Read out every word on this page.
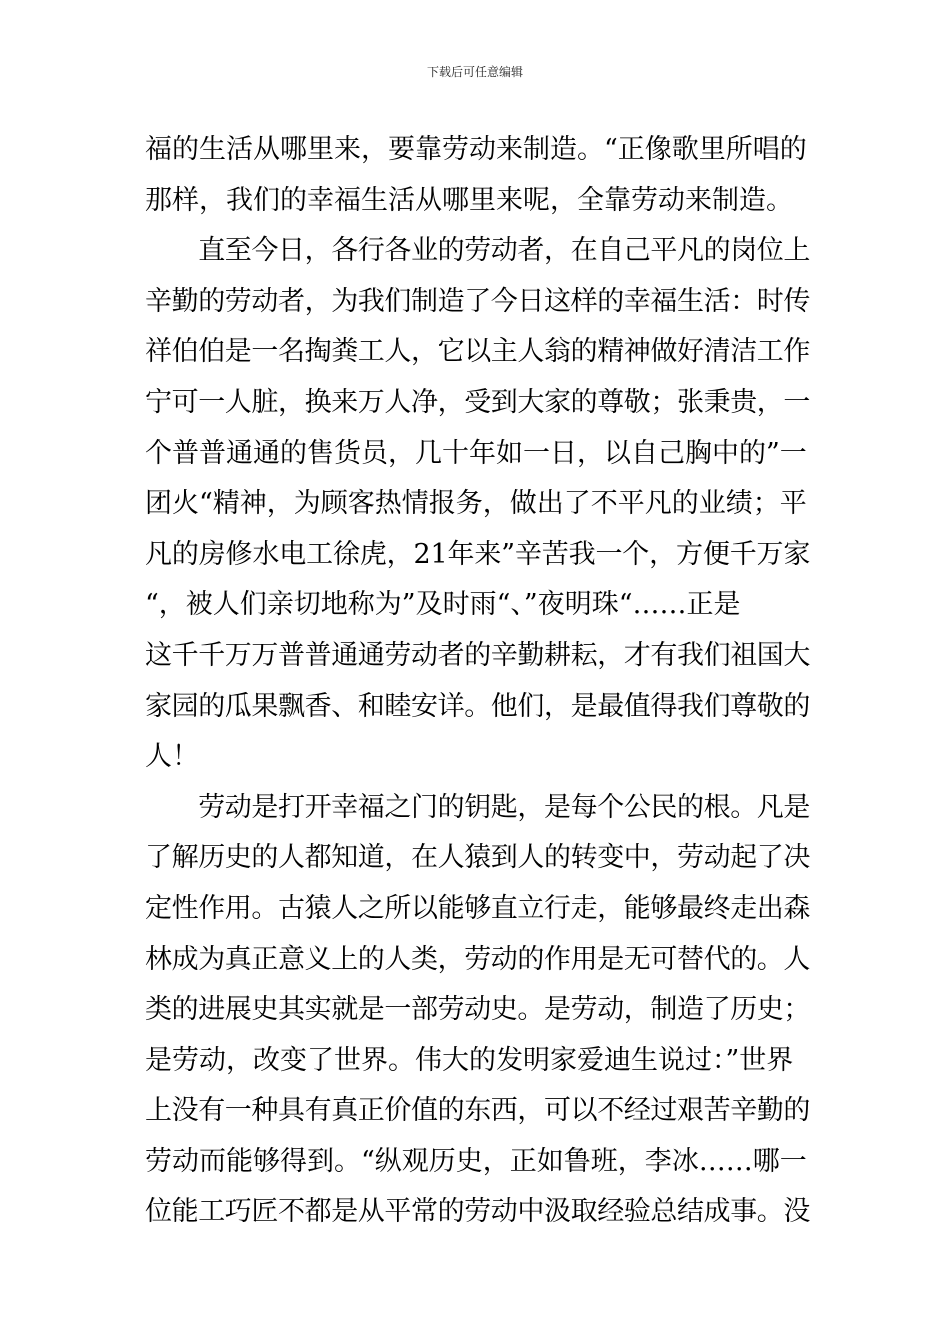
下载后可任意编辑
福的生活从哪里来，要靠劳动来制造。“正像歌里所唱的
那样，我们的幸福生活从哪里来呢，全靠劳动来制造。
　　直至今日，各行各业的劳动者，在自己平凡的岗位上
辛勤的劳动者，为我们制造了今日这样的幸福生活：时传
祥伯伯是一名掏粪工人，它以主人翁的精神做好清洁工作
宁可一人脏，换来万人净，受到大家的尊敬；张秉贵，一
个普普通通的售货员，几十年如一日，以自己胸中的”一
团火“精神，为顾客热情报务，做出了不平凡的业绩；平
凡的房修水电工徐虎，21年来”辛苦我一个，方便千万家
“，被人们亲切地称为”及时雨“、”夜明珠“……正是
这千千万万普普通通劳动者的辛勤耕耘，才有我们祖国大
家园的瓜果飘香、和睦安详。他们，是最值得我们尊敬的
人！
　　劳动是打开幸福之门的钥匙，是每个公民的根。凡是
了解历史的人都知道，在人猿到人的转变中，劳动起了决
定性作用。古猿人之所以能够直立行走，能够最终走出森
林成为真正意义上的人类，劳动的作用是无可替代的。人
类的进展史其实就是一部劳动史。是劳动，制造了历史；
是劳动，改变了世界。伟大的发明家爱迪生说过：”世界
上没有一种具有真正价值的东西，可以不经过艰苦辛勤的
劳动而能够得到。“纵观历史，正如鲁班，李冰……哪一
位能工巧匠不都是从平常的劳动中汲取经验总结成事。没
